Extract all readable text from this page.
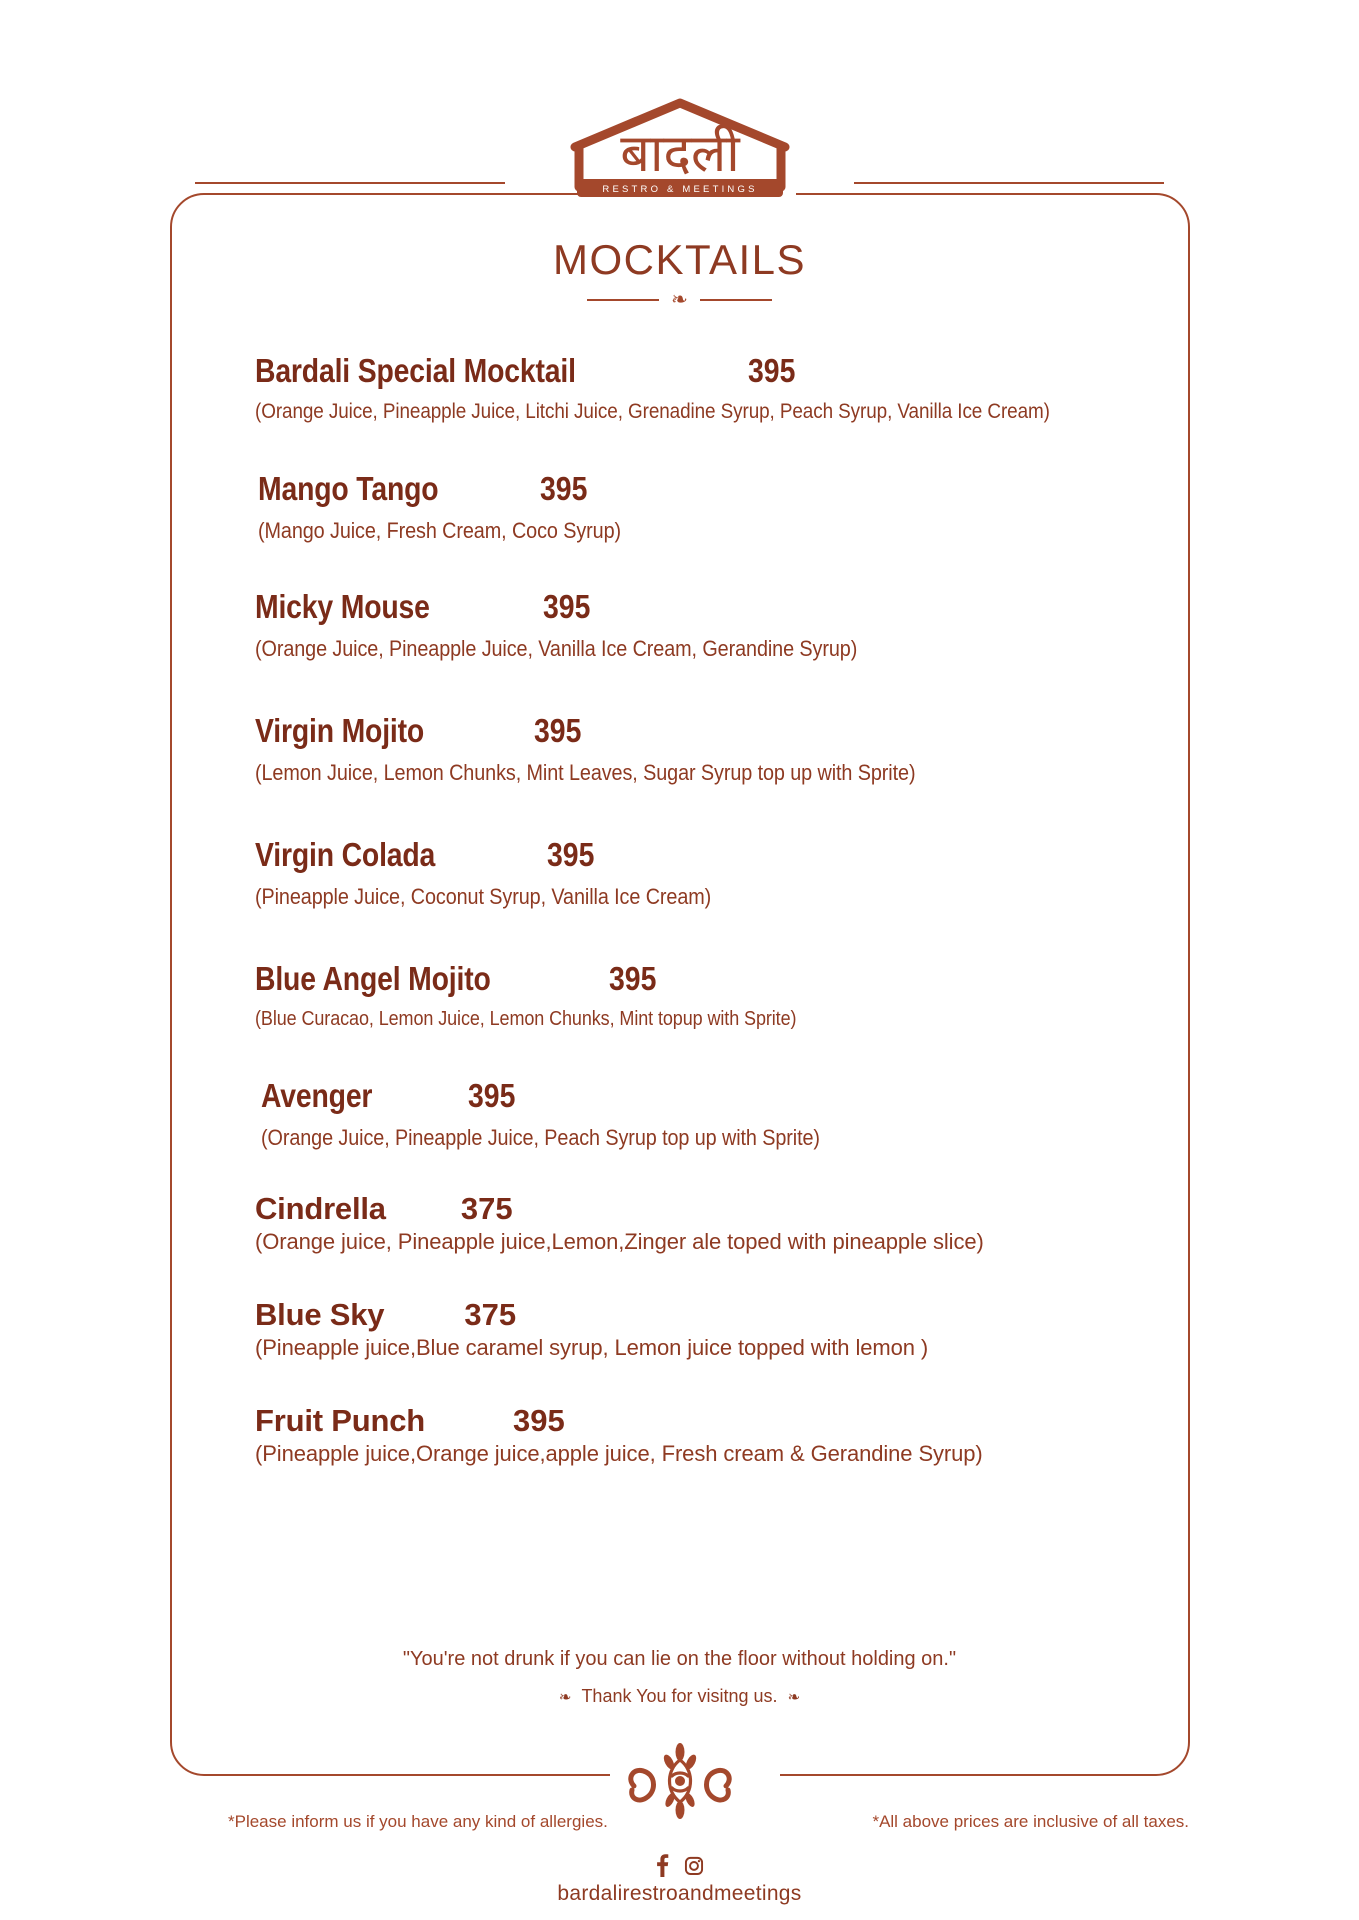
RESTRO & MEETINGS
बादली
MOCKTAILS
❧
Bardali Special Mocktail	395
(Orange Juice, Pineapple Juice, Litchi Juice, Grenadine Syrup, Peach Syrup, Vanilla Ice Cream)
Mango Tango	395
(Mango Juice, Fresh Cream, Coco Syrup)
Micky Mouse	395
(Orange Juice, Pineapple Juice, Vanilla Ice Cream, Gerandine Syrup)
Virgin Mojito	395
(Lemon Juice, Lemon Chunks, Mint Leaves, Sugar Syrup top up with Sprite)
Virgin Colada	395
(Pineapple Juice, Coconut Syrup, Vanilla Ice Cream)
Blue Angel Mojito	395
(Blue Curacao, Lemon Juice, Lemon Chunks, Mint topup with Sprite)
Avenger	395
(Orange Juice, Pineapple Juice, Peach Syrup top up with Sprite)
Cindrella 375
(Orange juice, Pineapple juice,Lemon,Zinger ale toped with pineapple slice)
Blue Sky	375
(Pineapple juice,Blue caramel syrup, Lemon juice topped with lemon )
Fruit Punch	395
(Pineapple juice,Orange juice,apple juice, Fresh cream & Gerandine Syrup)
"You're not drunk if you can lie on the floor without holding on."
❧ Thank You for visitng us. ❧
*Please inform us if you have any kind of allergies.	*All above prices are inclusive of all taxes.

bardalirestroandmeetings
